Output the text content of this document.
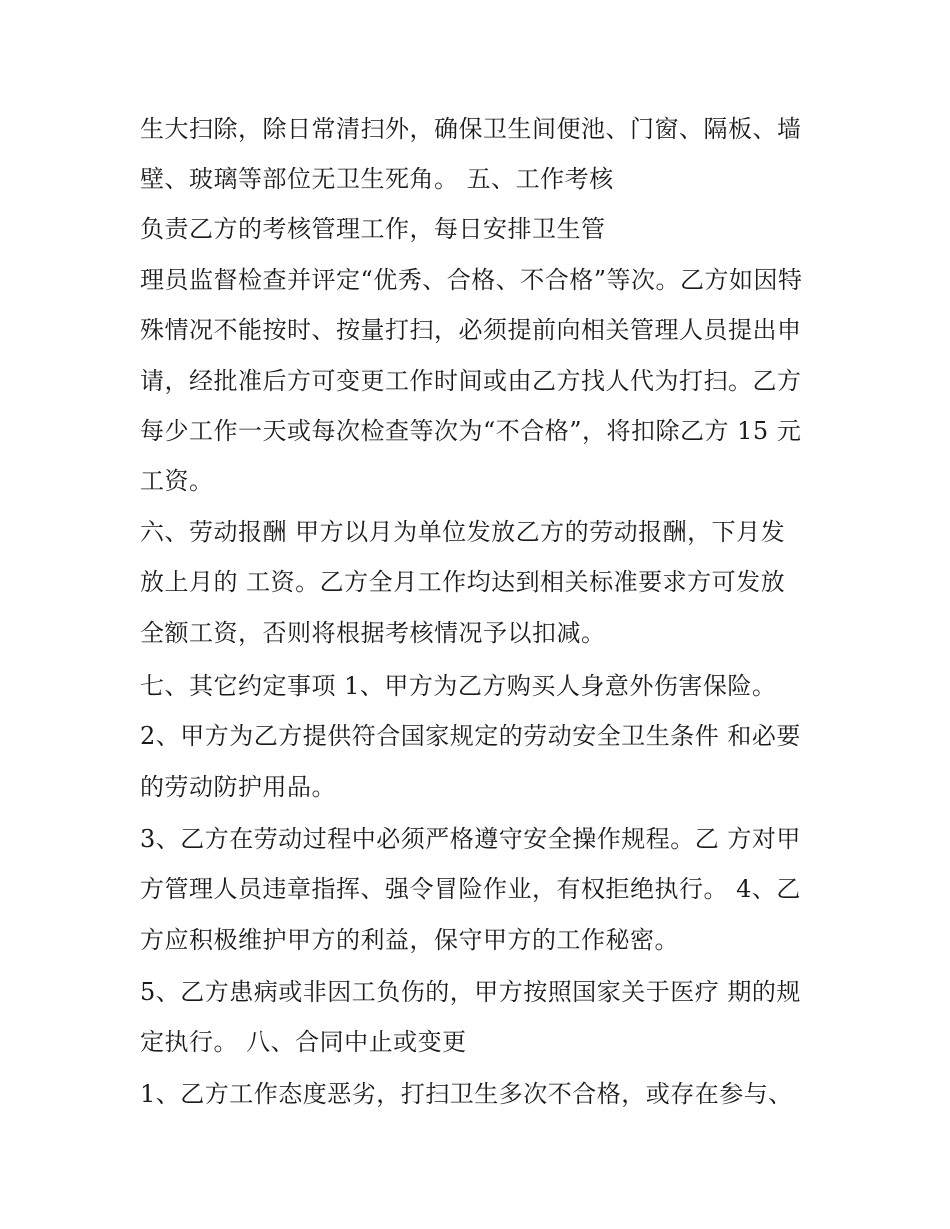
生大扫除，除日常清扫外，确保卫生间便池、门窗、隔板、墙
壁、玻璃等部位无卫生死角。 五、工作考核
负责乙方的考核管理工作，每日安排卫生管
理员监督检查并评定“优秀、合格、不合格”等次。乙方如因特
殊情况不能按时、按量打扫，必须提前向相关管理人员提出申
请，经批准后方可变更工作时间或由乙方找人代为打扫。乙方
每少工作一天或每次检查等次为“不合格”，将扣除乙方 15 元
工资。
六、劳动报酬 甲方以月为单位发放乙方的劳动报酬，下月发
放上月的 工资。乙方全月工作均达到相关标准要求方可发放
全额工资，否则将根据考核情况予以扣减。
七、其它约定事项 1、甲方为乙方购买人身意外伤害保险。
2、甲方为乙方提供符合国家规定的劳动安全卫生条件 和必要
的劳动防护用品。
3、乙方在劳动过程中必须严格遵守安全操作规程。乙 方对甲
方管理人员违章指挥、强令冒险作业，有权拒绝执行。 4、乙
方应积极维护甲方的利益，保守甲方的工作秘密。
5、乙方患病或非因工负伤的，甲方按照国家关于医疗 期的规
定执行。 八、合同中止或变更
1、乙方工作态度恶劣，打扫卫生多次不合格，或存在参与、
